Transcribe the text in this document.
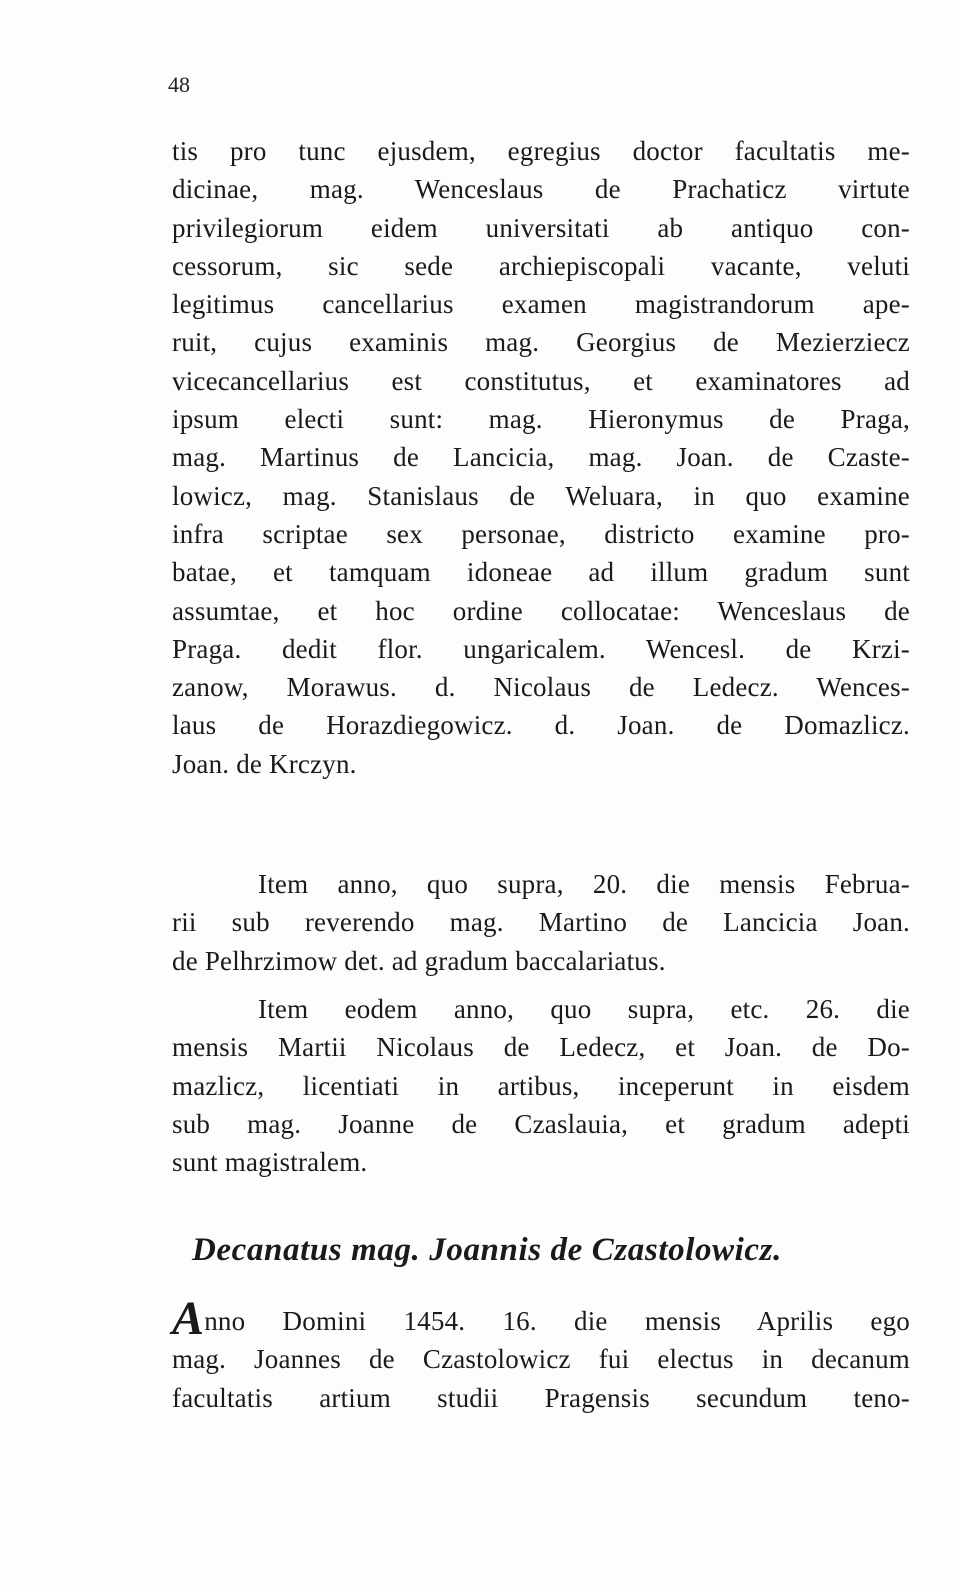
48
tis pro tunc ejusdem, egregius doctor facultatis me-
dicinae, mag. Wenceslaus de Prachaticz virtute
privilegiorum eidem universitati ab antiquo con-
cessorum, sic sede archiepiscopali vacante, veluti
legitimus cancellarius examen magistrandorum ape-
ruit, cujus examinis mag. Georgius de Mezierziecz
vicecancellarius est constitutus, et examinatores ad
ipsum electi sunt: mag. Hieronymus de Praga,
mag. Martinus de Lancicia, mag. Joan. de Czaste-
lowicz, mag. Stanislaus de Weluara, in quo examine
infra scriptae sex personae, districto examine pro-
batae, et tamquam idoneae ad illum gradum sunt
assumtae, et hoc ordine collocatae: Wenceslaus de
Praga. dedit flor. ungaricalem. Wencesl. de Krzi-
zanow, Morawus. d. Nicolaus de Ledecz. Wences-
laus de Horazdiegowicz. d. Joan. de Domazlicz.
Joan. de Krczyn.
Item anno, quo supra, 20. die mensis Februa-
rii sub reverendo mag. Martino de Lancicia Joan.
de Pelhrzimow det. ad gradum baccalariatus.
Item eodem anno, quo supra, etc. 26. die
mensis Martii Nicolaus de Ledecz, et Joan. de Do-
mazlicz, licentiati in artibus, inceperunt in eisdem
sub mag. Joanne de Czaslauia, et gradum adepti
sunt magistralem.
Decanatus mag. Joannis de Czastolowicz.
Anno Domini 1454. 16. die mensis Aprilis ego
mag. Joannes de Czastolowicz fui electus in decanum
facultatis artium studii Pragensis secundum teno-
